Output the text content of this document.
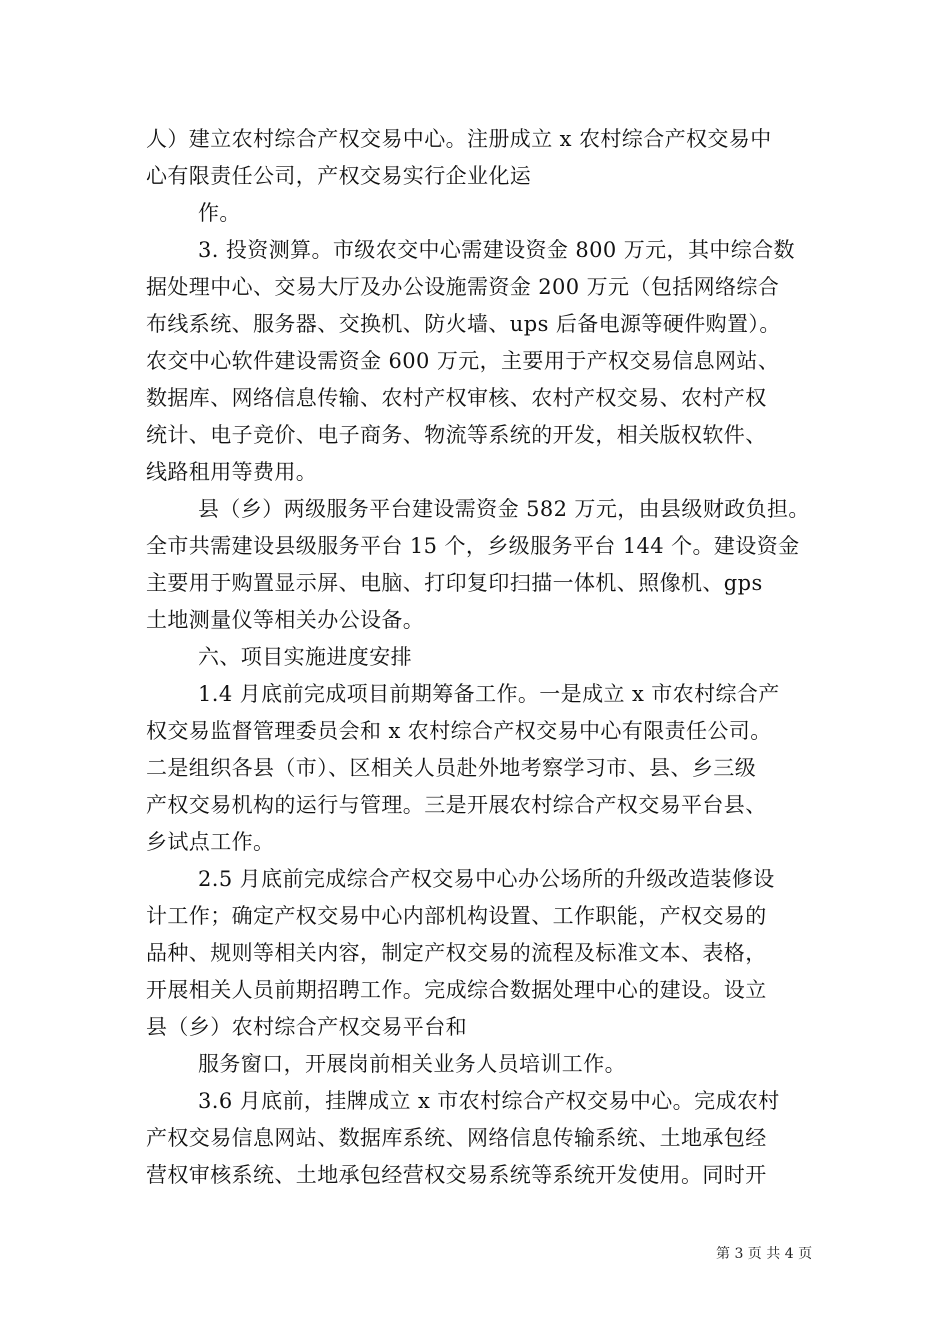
人）建立农村综合产权交易中心。注册成立 x 农村综合产权交易中
心有限责任公司，产权交易实行企业化运
作。
3. 投资测算。市级农交中心需建设资金 800 万元，其中综合数
据处理中心、交易大厅及办公设施需资金 200 万元（包括网络综合
布线系统、服务器、交换机、防火墙、ups 后备电源等硬件购置）。
农交中心软件建设需资金 600 万元，主要用于产权交易信息网站、
数据库、网络信息传输、农村产权审核、农村产权交易、农村产权
统计、电子竞价、电子商务、物流等系统的开发，相关版权软件、
线路租用等费用。
县（乡）两级服务平台建设需资金 582 万元，由县级财政负担。
全市共需建设县级服务平台 15 个，乡级服务平台 144 个。建设资金
主要用于购置显示屏、电脑、打印复印扫描一体机、照像机、gps
土地测量仪等相关办公设备。
六、项目实施进度安排
1.4 月底前完成项目前期筹备工作。一是成立 x 市农村综合产
权交易监督管理委员会和 x 农村综合产权交易中心有限责任公司。
二是组织各县（市）、区相关人员赴外地考察学习市、县、乡三级
产权交易机构的运行与管理。三是开展农村综合产权交易平台县、
乡试点工作。
2.5 月底前完成综合产权交易中心办公场所的升级改造装修设
计工作；确定产权交易中心内部机构设置、工作职能，产权交易的
品种、规则等相关内容，制定产权交易的流程及标准文本、表格，
开展相关人员前期招聘工作。完成综合数据处理中心的建设。设立
县（乡）农村综合产权交易平台和
服务窗口，开展岗前相关业务人员培训工作。
3.6 月底前，挂牌成立 x 市农村综合产权交易中心。完成农村
产权交易信息网站、数据库系统、网络信息传输系统、土地承包经
营权审核系统、土地承包经营权交易系统等系统开发使用。同时开
第 3 页 共 4 页
